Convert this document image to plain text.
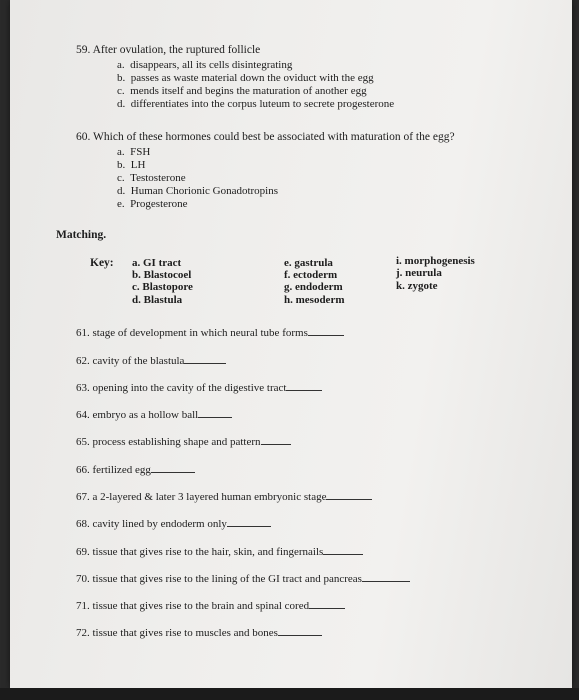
59. After ovulation, the ruptured follicle
a. disappears, all its cells disintegrating
b. passes as waste material down the oviduct with the egg
c. mends itself and begins the maturation of another egg
d. differentiates into the corpus luteum to secrete progesterone
60. Which of these hormones could best be associated with maturation of the egg?
a. FSH
b. LH
c. Testosterone
d. Human Chorionic Gonadotropins
e. Progesterone
Matching.
Key: a. GI tract
b. Blastocoel
c. Blastopore
d. Blastula
e. gastrula
f. ectoderm
g. endoderm
h. mesoderm
i. morphogenesis
j. neurula
k. zygote
61. stage of development in which neural tube forms
62. cavity of the blastula
63. opening into the cavity of the digestive tract
64. embryo as a hollow ball
65. process establishing shape and pattern
66. fertilized egg
67. a 2-layered & later 3 layered human embryonic stage
68. cavity lined by endoderm only
69. tissue that gives rise to the hair, skin, and fingernails
70. tissue that gives rise to the lining of the GI tract and pancreas
71. tissue that gives rise to the brain and spinal cored
72. tissue that gives rise to muscles and bones
